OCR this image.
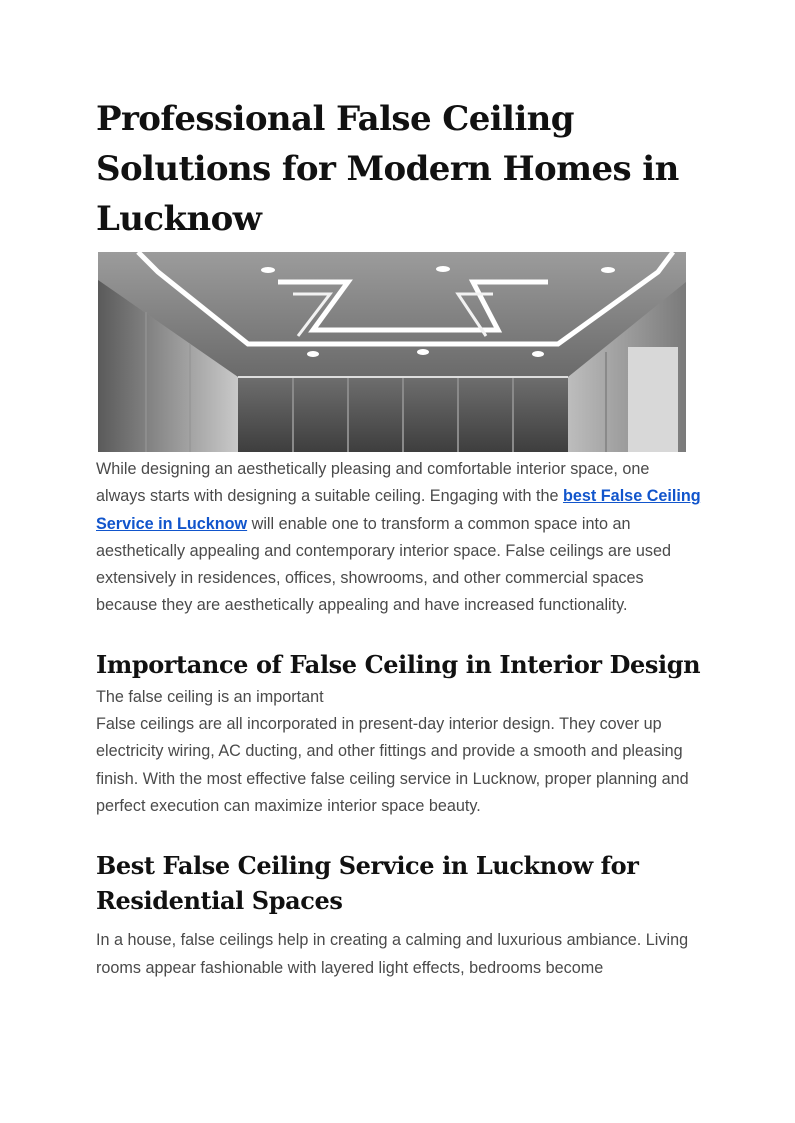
Professional False Ceiling Solutions for Modern Homes in Lucknow

While designing an aesthetically pleasing and comfortable interior space, one always starts with designing a suitable ceiling. Engaging with the best False Ceiling Service in Lucknow will enable one to transform a common space into an aesthetically appealing and contemporary interior space. False ceilings are used extensively in residences, offices, showrooms, and other commercial spaces because they are aesthetically appealing and have increased functionality.

Importance of False Ceiling in Interior Design

The false ceiling is an important
False ceilings are all incorporated in present-day interior design. They cover up electricity wiring, AC ducting, and other fittings and provide a smooth and pleasing finish. With the most effective false ceiling service in Lucknow, proper planning and perfect execution can maximize interior space beauty.

Best False Ceiling Service in Lucknow for Residential Spaces

In a house, false ceilings help in creating a calming and luxurious ambiance. Living rooms appear fashionable with layered light effects, bedrooms become
